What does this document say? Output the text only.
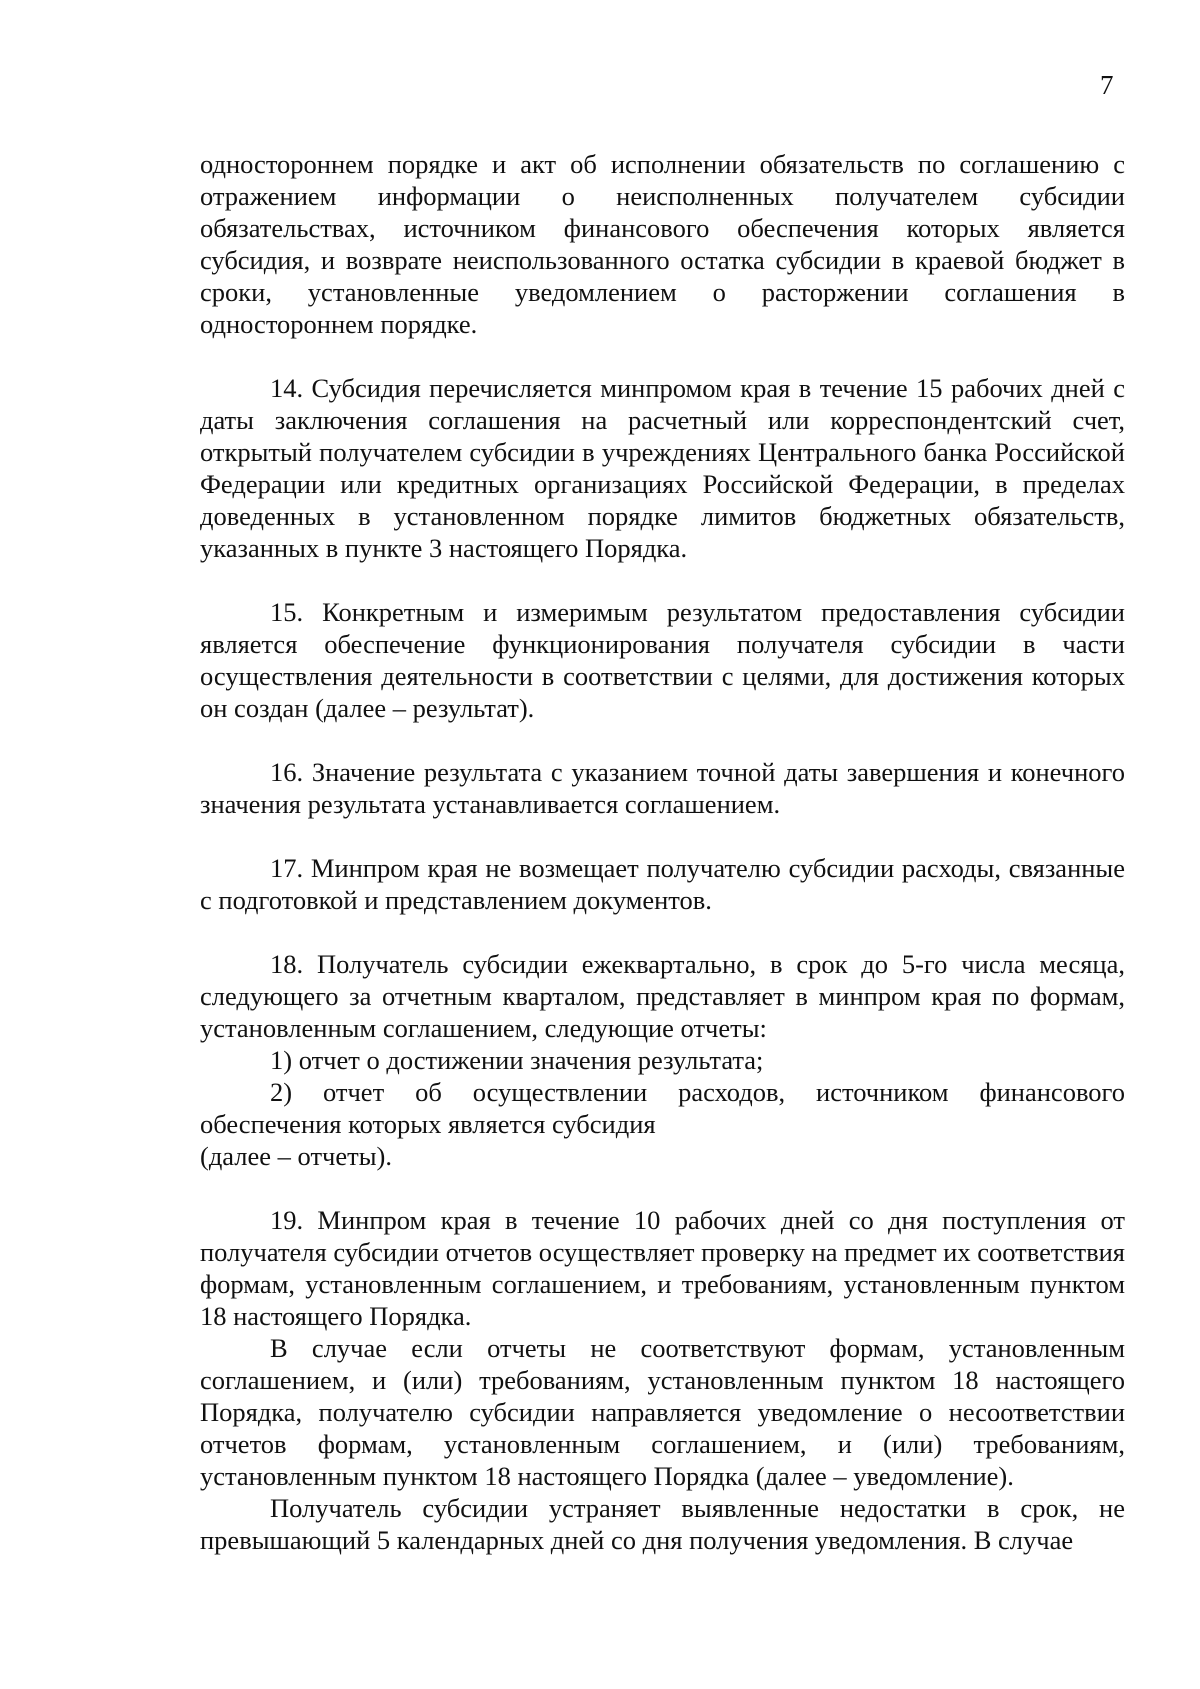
7

одностороннем порядке и акт об исполнении обязательств по соглашению с отражением информации о неисполненных получателем субсидии обязательствах, источником финансового обеспечения которых является субсидия, и возврате неиспользованного остатка субсидии в краевой бюджет в сроки, установленные уведомлением о расторжении соглашения в одностороннем порядке.

14. Субсидия перечисляется минпромом края в течение 15 рабочих дней с даты заключения соглашения на расчетный или корреспондентский счет, открытый получателем субсидии в учреждениях Центрального банка Российской Федерации или кредитных организациях Российской Федерации, в пределах доведенных в установленном порядке лимитов бюджетных обязательств, указанных в пункте 3 настоящего Порядка.

15. Конкретным и измеримым результатом предоставления субсидии является обеспечение функционирования получателя субсидии в части осуществления деятельности в соответствии с целями, для достижения которых он создан (далее – результат).

16. Значение результата с указанием точной даты завершения и конечного значения результата устанавливается соглашением.

17. Минпром края не возмещает получателю субсидии расходы, связанные с подготовкой и представлением документов.

18. Получатель субсидии ежеквартально, в срок до 5-го числа месяца, следующего за отчетным кварталом, представляет в минпром края по формам, установленным соглашением, следующие отчеты:

1) отчет о достижении значения результата;

2) отчет об осуществлении расходов, источником финансового обеспечения которых является субсидия

(далее – отчеты).

19. Минпром края в течение 10 рабочих дней со дня поступления от получателя субсидии отчетов осуществляет проверку на предмет их соответствия формам, установленным соглашением, и требованиям, установленным пунктом 18 настоящего Порядка.

В случае если отчеты не соответствуют формам, установленным соглашением, и (или) требованиям, установленным пунктом 18 настоящего Порядка, получателю субсидии направляется уведомление о несоответствии отчетов формам, установленным соглашением, и (или) требованиям, установленным пунктом 18 настоящего Порядка (далее – уведомление).

Получатель субсидии устраняет выявленные недостатки в срок, не превышающий 5 календарных дней со дня получения уведомления. В случае
